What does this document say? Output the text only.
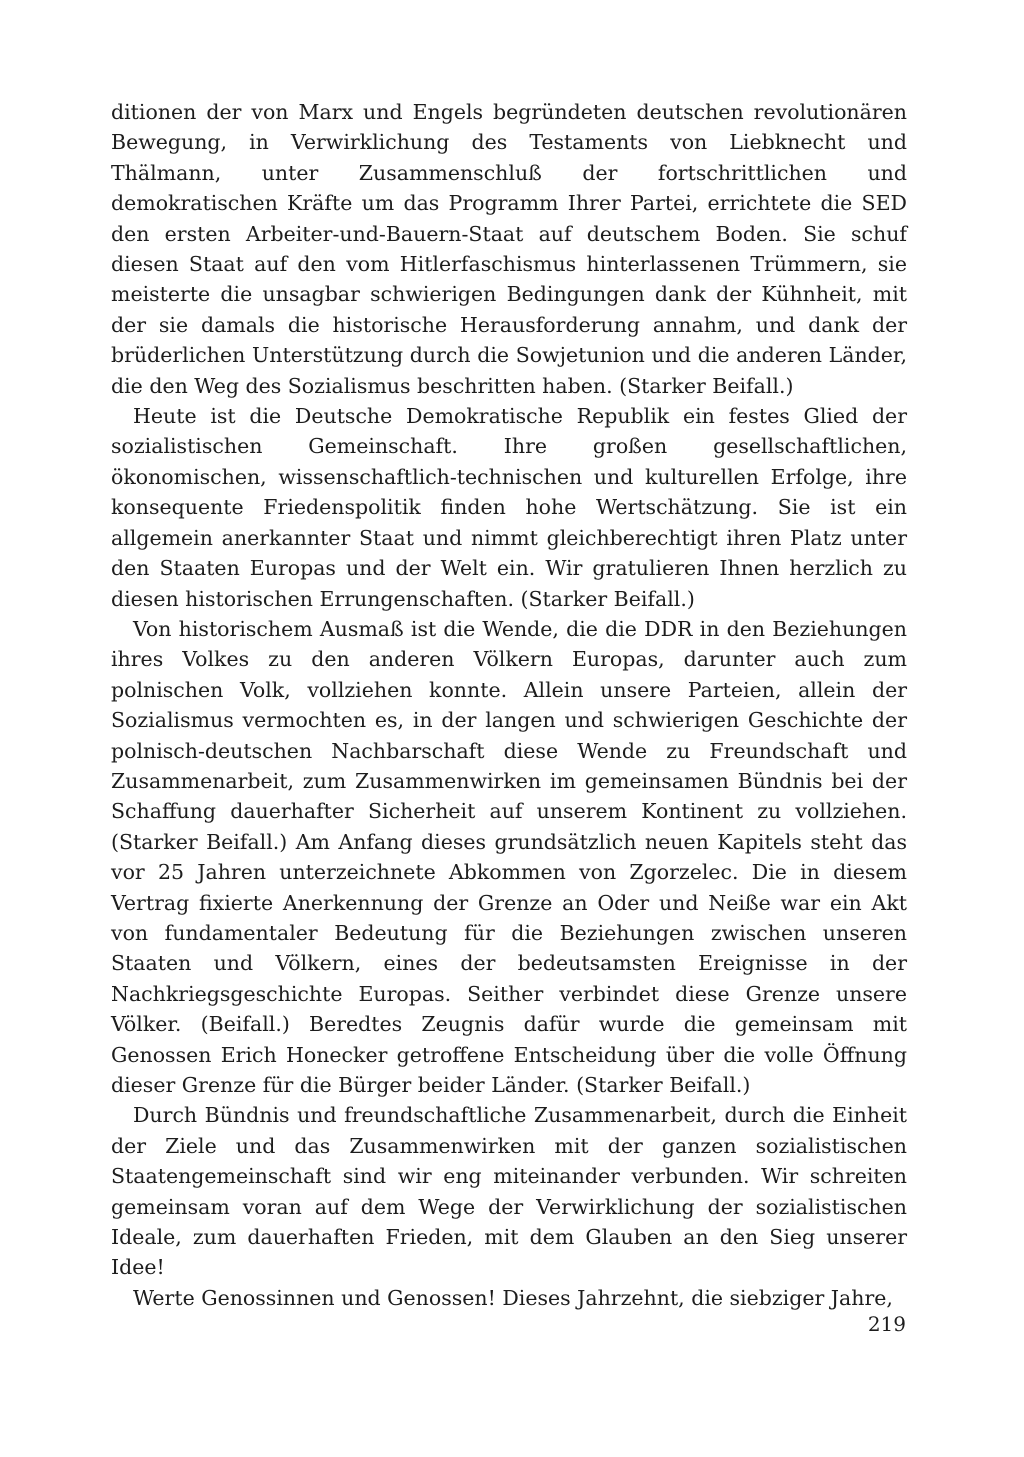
ditionen der von Marx und Engels begründeten deutschen revolutionären Bewegung, in Verwirklichung des Testaments von Liebknecht und Thälmann, unter Zusammenschluß der fortschrittlichen und demokratischen Kräfte um das Programm Ihrer Partei, errichtete die SED den ersten Arbeiter-und-Bauern-Staat auf deutschem Boden. Sie schuf diesen Staat auf den vom Hitlerfaschismus hinterlassenen Trümmern, sie meisterte die unsagbar schwierigen Bedingungen dank der Kühnheit, mit der sie damals die historische Herausforderung annahm, und dank der brüderlichen Unterstützung durch die Sowjetunion und die anderen Länder, die den Weg des Sozialismus beschritten haben. (Starker Beifall.)

Heute ist die Deutsche Demokratische Republik ein festes Glied der sozialistischen Gemeinschaft. Ihre großen gesellschaftlichen, ökonomischen, wissenschaftlich-technischen und kulturellen Erfolge, ihre konsequente Friedenspolitik finden hohe Wertschätzung. Sie ist ein allgemein anerkannter Staat und nimmt gleichberechtigt ihren Platz unter den Staaten Europas und der Welt ein. Wir gratulieren Ihnen herzlich zu diesen historischen Errungenschaften. (Starker Beifall.)

Von historischem Ausmaß ist die Wende, die die DDR in den Beziehungen ihres Volkes zu den anderen Völkern Europas, darunter auch zum polnischen Volk, vollziehen konnte. Allein unsere Parteien, allein der Sozialismus vermochten es, in der langen und schwierigen Geschichte der polnisch-deutschen Nachbarschaft diese Wende zu Freundschaft und Zusammenarbeit, zum Zusammenwirken im gemeinsamen Bündnis bei der Schaffung dauerhafter Sicherheit auf unserem Kontinent zu vollziehen. (Starker Beifall.) Am Anfang dieses grundsätzlich neuen Kapitels steht das vor 25 Jahren unterzeichnete Abkommen von Zgorzelec. Die in diesem Vertrag fixierte Anerkennung der Grenze an Oder und Neiße war ein Akt von fundamentaler Bedeutung für die Beziehungen zwischen unseren Staaten und Völkern, eines der bedeutsamsten Ereignisse in der Nachkriegsgeschichte Europas. Seither verbindet diese Grenze unsere Völker. (Beifall.) Beredtes Zeugnis dafür wurde die gemeinsam mit Genossen Erich Honecker getroffene Entscheidung über die volle Öffnung dieser Grenze für die Bürger beider Länder. (Starker Beifall.)

Durch Bündnis und freundschaftliche Zusammenarbeit, durch die Einheit der Ziele und das Zusammenwirken mit der ganzen sozialistischen Staatengemeinschaft sind wir eng miteinander verbunden. Wir schreiten gemeinsam voran auf dem Wege der Verwirklichung der sozialistischen Ideale, zum dauerhaften Frieden, mit dem Glauben an den Sieg unserer Idee!

Werte Genossinnen und Genossen! Dieses Jahrzehnt, die siebziger Jahre,

219
